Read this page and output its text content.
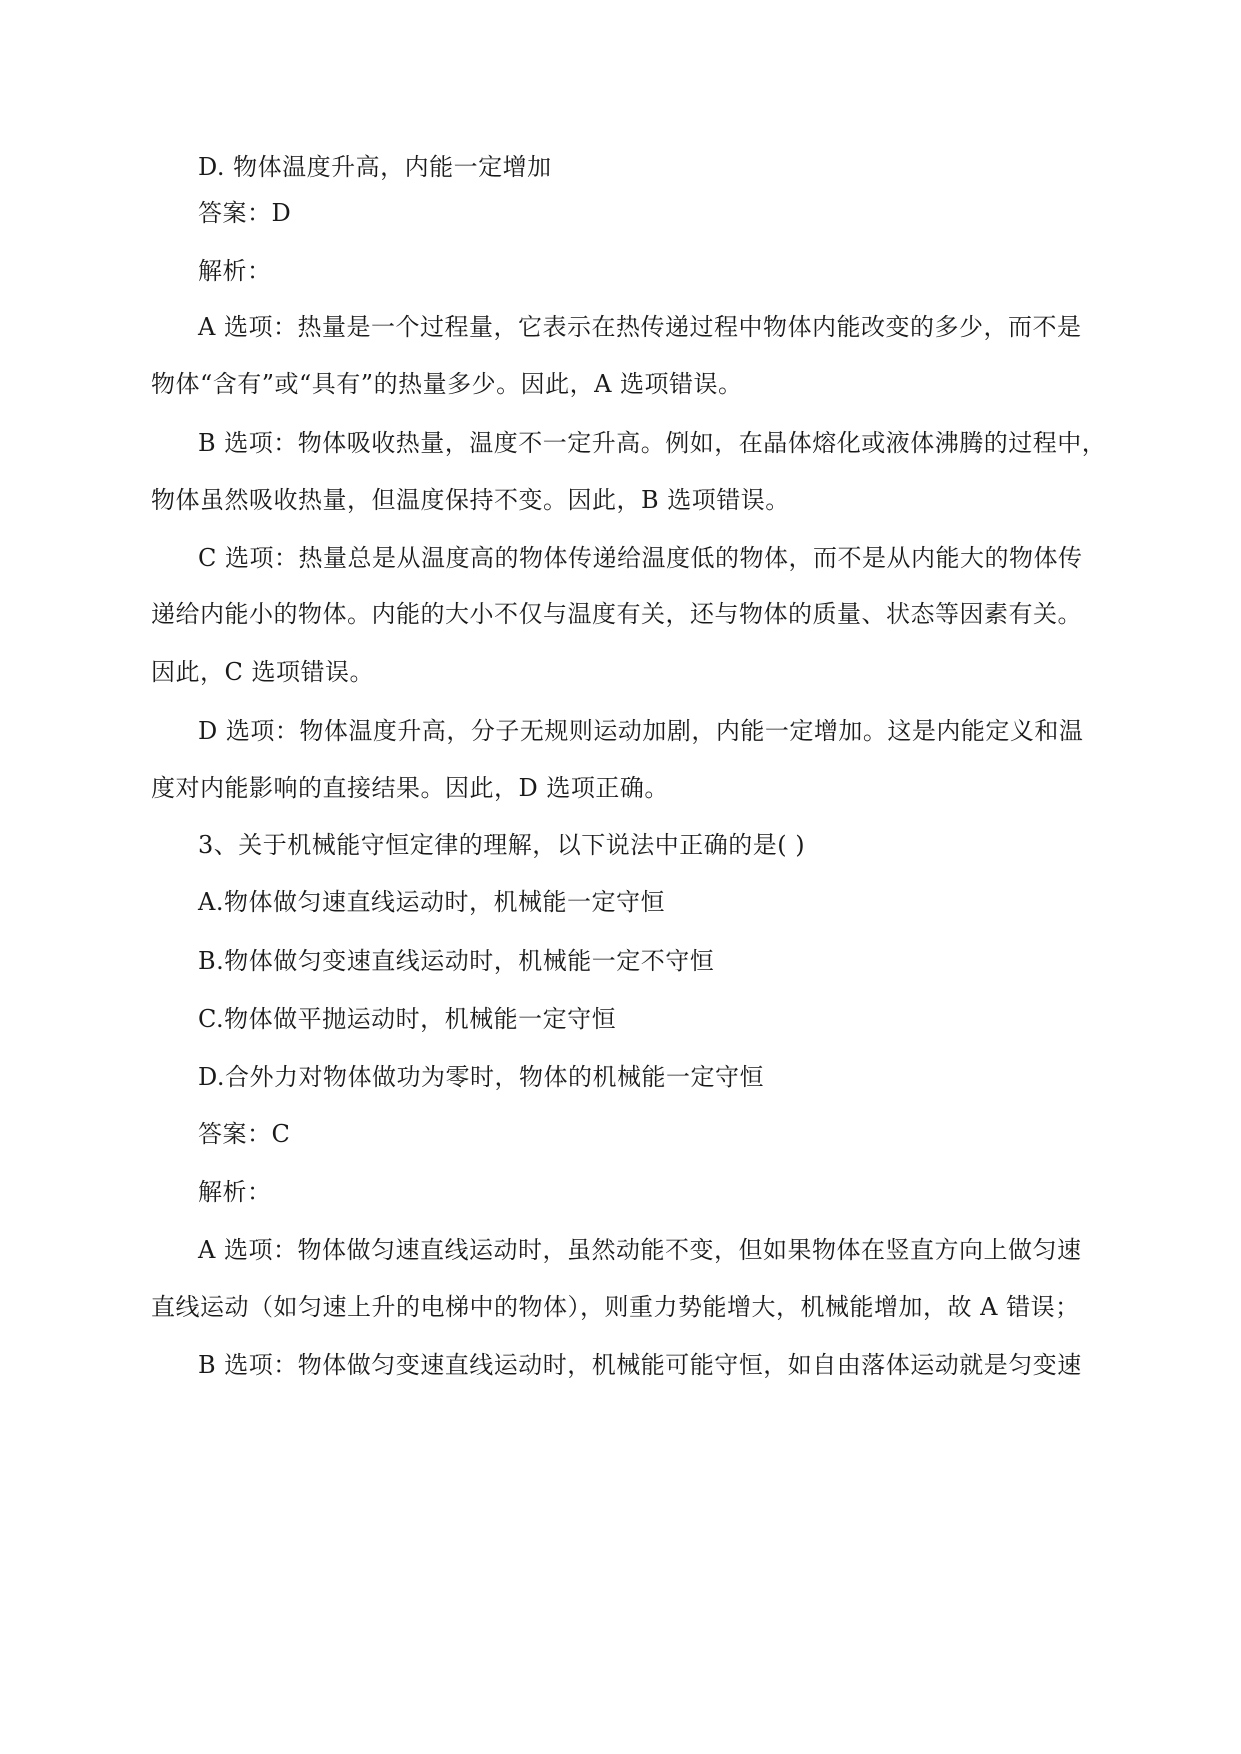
D. 物体温度升高，内能一定增加
答案：D
解析：
A 选项：热量是一个过程量，它表示在热传递过程中物体内能改变的多少，而不是
物体“含有”或“具有”的热量多少。因此，A 选项错误。
B 选项：物体吸收热量，温度不一定升高。例如，在晶体熔化或液体沸腾的过程中，
物体虽然吸收热量，但温度保持不变。因此，B 选项错误。
C 选项：热量总是从温度高的物体传递给温度低的物体，而不是从内能大的物体传
递给内能小的物体。内能的大小不仅与温度有关，还与物体的质量、状态等因素有关。
因此，C 选项错误。
D 选项：物体温度升高，分子无规则运动加剧，内能一定增加。这是内能定义和温
度对内能影响的直接结果。因此，D 选项正确。
3、关于机械能守恒定律的理解，以下说法中正确的是( )
A.物体做匀速直线运动时，机械能一定守恒
B.物体做匀变速直线运动时，机械能一定不守恒
C.物体做平抛运动时，机械能一定守恒
D.合外力对物体做功为零时，物体的机械能一定守恒
答案：C
解析：
A 选项：物体做匀速直线运动时，虽然动能不变，但如果物体在竖直方向上做匀速
直线运动（如匀速上升的电梯中的物体），则重力势能增大，机械能增加，故 A 错误；
B 选项：物体做匀变速直线运动时，机械能可能守恒，如自由落体运动就是匀变速
